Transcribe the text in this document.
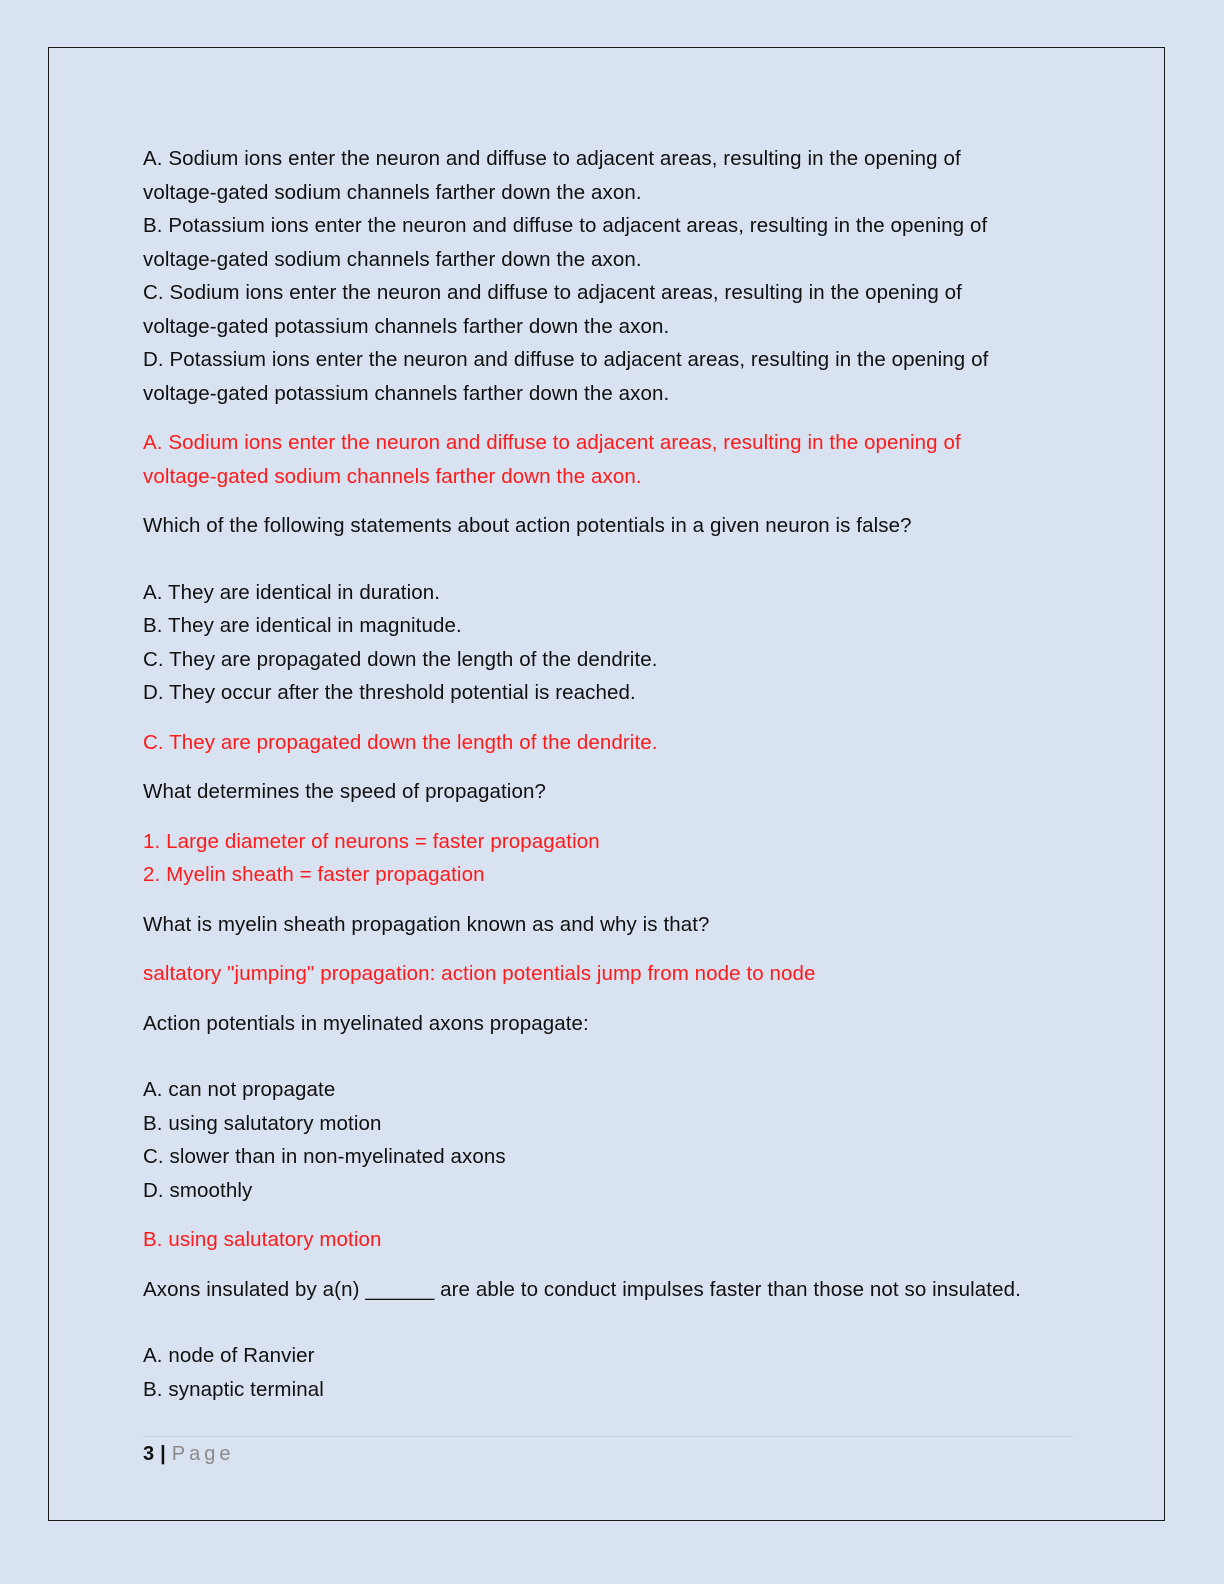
A. Sodium ions enter the neuron and diffuse to adjacent areas, resulting in the opening of
voltage-gated sodium channels farther down the axon.
B. Potassium ions enter the neuron and diffuse to adjacent areas, resulting in the opening of
voltage-gated sodium channels farther down the axon.
C. Sodium ions enter the neuron and diffuse to adjacent areas, resulting in the opening of
voltage-gated potassium channels farther down the axon.
D. Potassium ions enter the neuron and diffuse to adjacent areas, resulting in the opening of
voltage-gated potassium channels farther down the axon.
A. Sodium ions enter the neuron and diffuse to adjacent areas, resulting in the opening of
voltage-gated sodium channels farther down the axon.
Which of the following statements about action potentials in a given neuron is false?
A. They are identical in duration.
B. They are identical in magnitude.
C. They are propagated down the length of the dendrite.
D. They occur after the threshold potential is reached.
C. They are propagated down the length of the dendrite.
What determines the speed of propagation?
1. Large diameter of neurons = faster propagation
2. Myelin sheath = faster propagation
What is myelin sheath propagation known as and why is that?
saltatory "jumping" propagation: action potentials jump from node to node
Action potentials in myelinated axons propagate:
A. can not propagate
B. using salutatory motion
C. slower than in non-myelinated axons
D. smoothly
B. using salutatory motion
Axons insulated by a(n) ______ are able to conduct impulses faster than those not so insulated.
A. node of Ranvier
B. synaptic terminal
3 | Page
